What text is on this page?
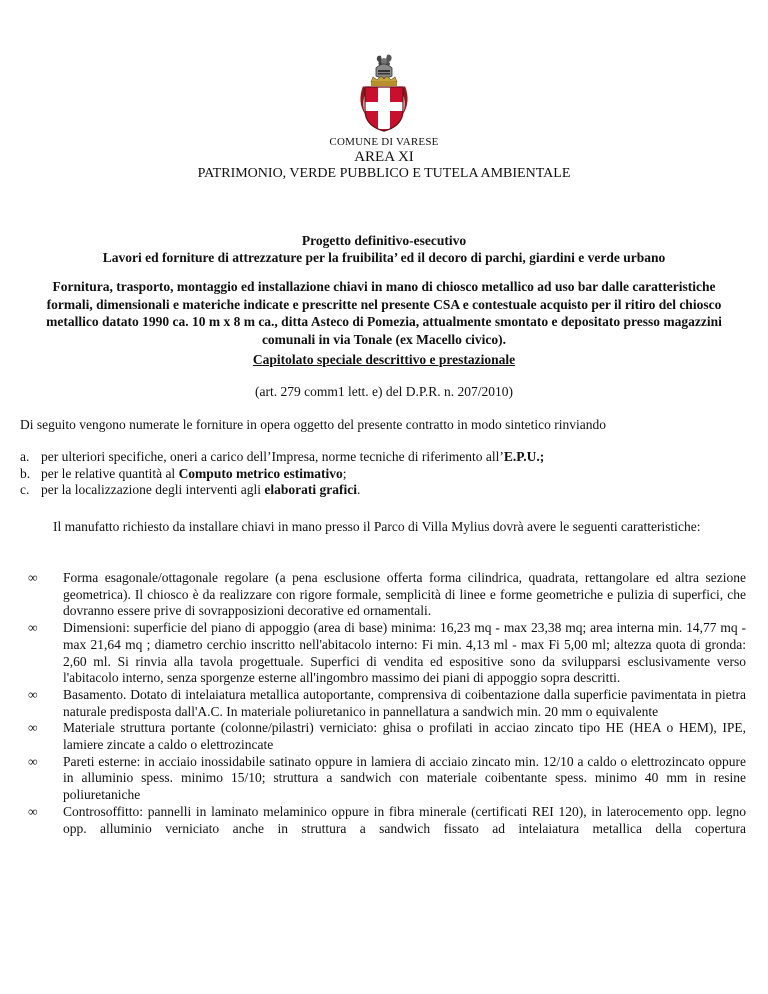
COMUNE DI VARESE
AREA XI
PATRIMONIO, VERDE PUBBLICO E TUTELA AMBIENTALE
Progetto definitivo-esecutivo
Lavori ed forniture di attrezzature per la fruibilita’ ed il decoro di parchi, giardini e verde urbano
Fornitura, trasporto, montaggio ed installazione chiavi in mano di chiosco metallico ad uso bar dalle caratteristiche formali, dimensionali e materiche indicate e prescritte nel presente CSA e contestuale acquisto per il ritiro del chiosco metallico datato 1990 ca. 10 m x 8 m ca., ditta Asteco di Pomezia, attualmente smontato e depositato presso magazzini comunali in via Tonale (ex Macello civico).
Capitolato speciale descrittivo e prestazionale
(art. 279 comm1 lett. e) del D.P.R. n. 207/2010)
Di seguito vengono numerate le forniture in opera oggetto del presente contratto in modo sintetico rinviando
a. per ulteriori specifiche, oneri a carico dell’Impresa, norme tecniche di riferimento all’E.P.U.;
b. per le relative quantità al Computo metrico estimativo;
c. per la localizzazione degli interventi agli elaborati grafici.
Il manufatto richiesto da installare chiavi in mano presso il Parco di Villa Mylius dovrà avere le seguenti caratteristiche:
∞	Forma esagonale/ottagonale regolare (a pena esclusione offerta forma cilindrica, quadrata, rettangolare ed altra sezione geometrica). Il chiosco è da realizzare con rigore formale, semplicità di linee e forme geometriche e pulizia di superfici, che dovranno essere prive di sovrapposizioni decorative ed ornamentali.
∞	Dimensioni: superficie del piano di appoggio (area di base) minima: 16,23 mq - max 23,38 mq; area interna min. 14,77 mq - max 21,64 mq ; diametro cerchio inscritto nell'abitacolo interno: Fi min. 4,13 ml - max Fi 5,00 ml; altezza quota di gronda: 2,60 ml. Si rinvia alla tavola progettuale. Superfici di vendita ed espositive sono da svilupparsi esclusivamente verso l'abitacolo interno, senza sporgenze esterne all'ingombro massimo dei piani di appoggio sopra descritti.
∞	Basamento. Dotato di intelaiatura metallica autoportante, comprensiva di coibentazione dalla superficie pavimentata in pietra naturale predisposta dall'A.C. In materiale poliuretanico in pannellatura a sandwich min. 20 mm o equivalente
∞	Materiale struttura portante (colonne/pilastri) verniciato: ghisa o profilati in acciao zincato tipo HE (HEA o HEM), IPE, lamiere zincate a caldo o elettrozincate
∞	Pareti esterne: in acciaio inossidabile satinato oppure in lamiera di acciaio zincato min. 12/10 a caldo o elettrozincato oppure in alluminio spess. minimo 15/10; struttura a sandwich con materiale coibentante spess. minimo 40 mm in resine poliuretaniche
∞	Controsoffitto: pannelli in laminato melaminico oppure in fibra minerale (certificati REI 120), in laterocemento opp. legno opp. alluminio verniciato anche in struttura a sandwich fissato ad intelaiatura metallica della copertura
